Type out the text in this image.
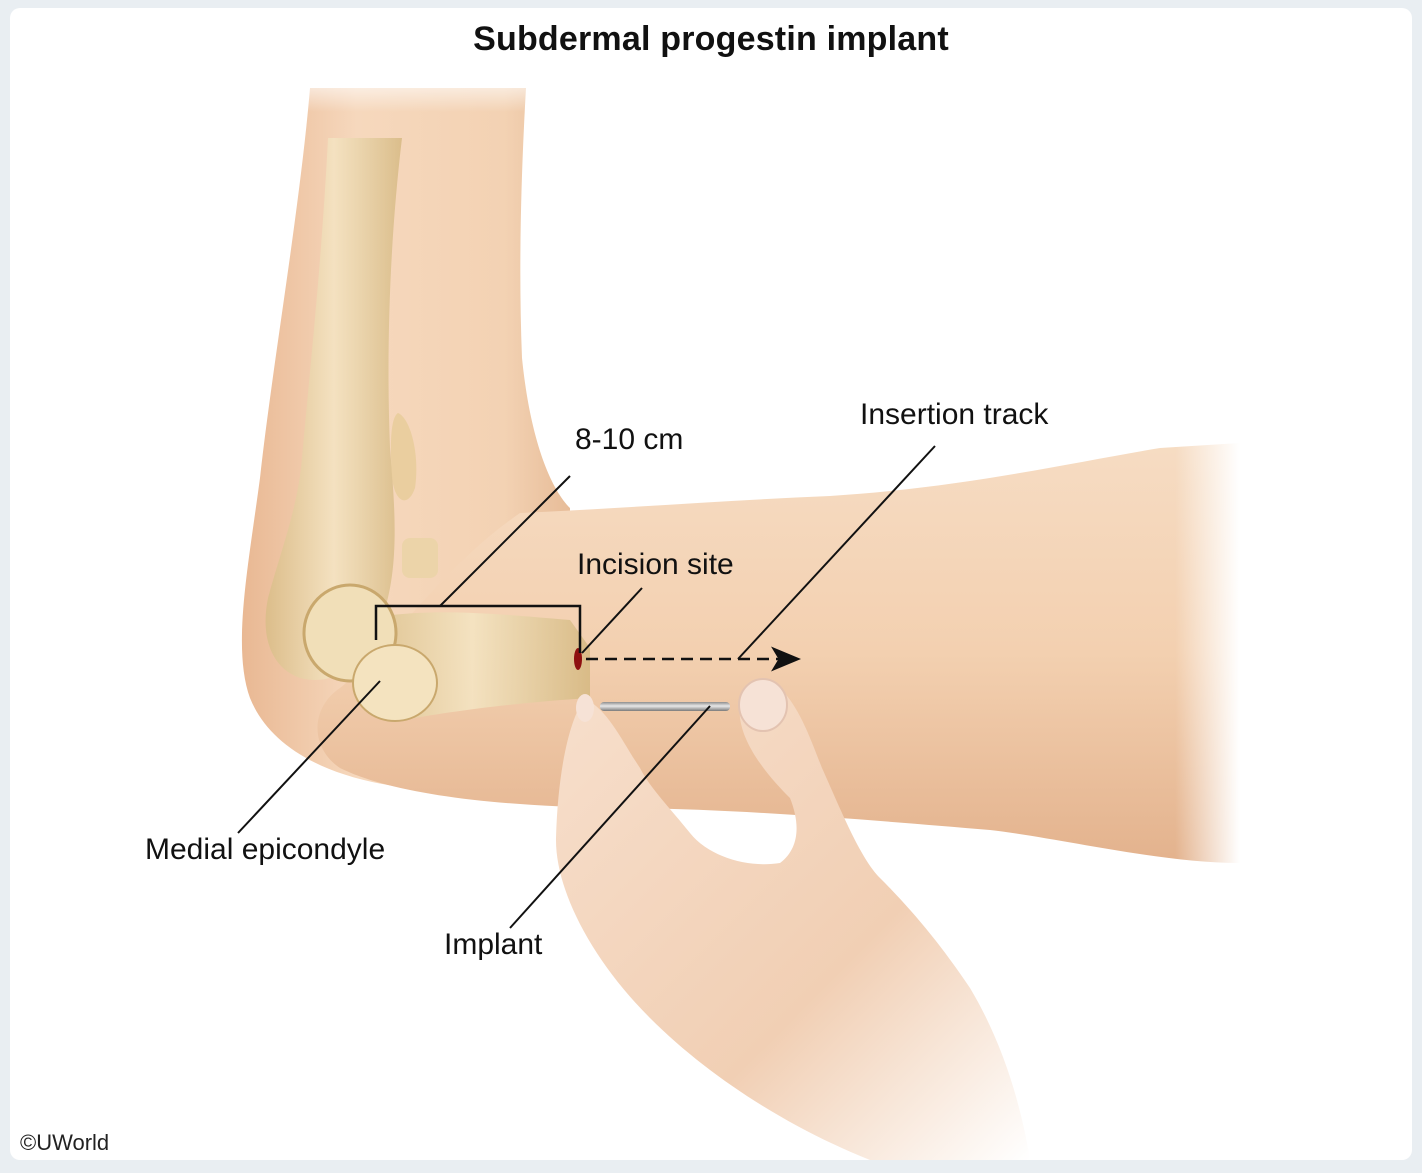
Subdermal progestin implant
8-10 cm
Insertion track
Incision site
Medial epicondyle
Implant
©UWorld
